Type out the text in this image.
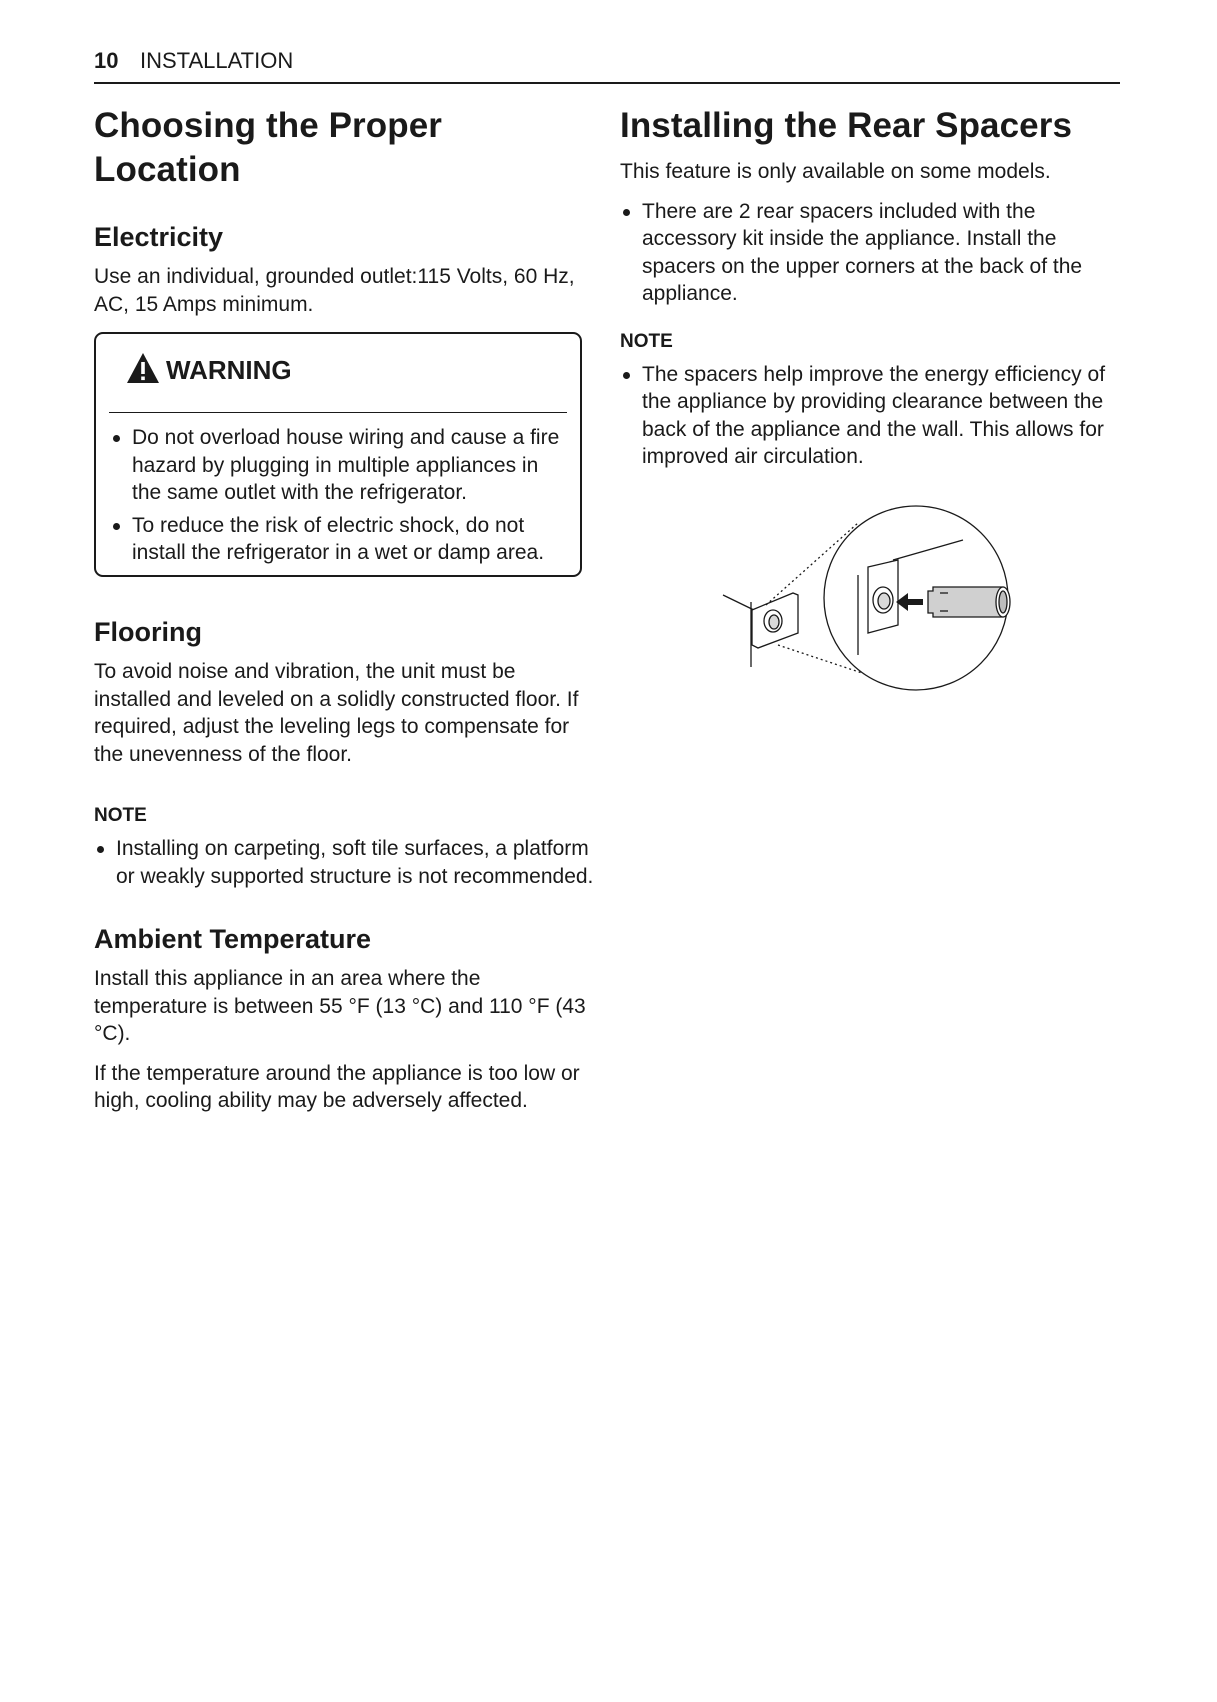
10 INSTALLATION
Choosing the Proper Location
Electricity

Use an individual, grounded outlet:115 Volts, 60 Hz, AC, 15 Amps minimum.

WARNING
Do not overload house wiring and cause a fire hazard by plugging in multiple appliances in the same outlet with the refrigerator.
To reduce the risk of electric shock, do not install the refrigerator in a wet or damp area.
Flooring

To avoid noise and vibration, the unit must be installed and leveled on a solidly constructed floor. If required, adjust the leveling legs to compensate for the unevenness of the floor.

NOTE
Installing on carpeting, soft tile surfaces, a platform or weakly supported structure is not recommended.
Ambient Temperature

Install this appliance in an area where the temperature is between 55 °F (13 °C) and 110 °F (43 °C).

If the temperature around the appliance is too low or high, cooling ability may be adversely affected.

Installing the Rear Spacers

This feature is only available on some models.

There are 2 rear spacers included with the accessory kit inside the appliance. Install the spacers on the upper corners at the back of the appliance.
NOTE
The spacers help improve the energy efficiency of the appliance by providing clearance between the back of the appliance and the wall. This allows for improved air circulation.
